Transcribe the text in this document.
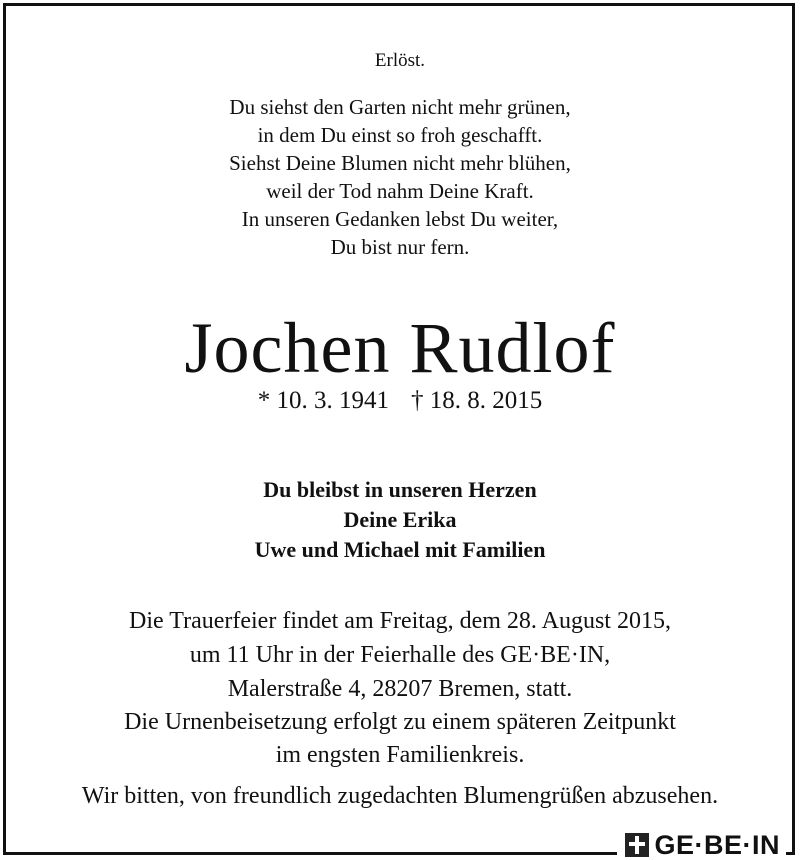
Erlöst.
Du siehst den Garten nicht mehr grünen,
in dem Du einst so froh geschafft.
Siehst Deine Blumen nicht mehr blühen,
weil der Tod nahm Deine Kraft.
In unseren Gedanken lebst Du weiter,
Du bist nur fern.
Jochen Rudlof
* 10. 3. 1941 † 18. 8. 2015
Du bleibst in unseren Herzen
Deine Erika
Uwe und Michael mit Familien
Die Trauerfeier findet am Freitag, dem 28. August 2015,
um 11 Uhr in der Feierhalle des GE·BE·IN,
Malerstraße 4, 28207 Bremen, statt.
Die Urnenbeisetzung erfolgt zu einem späteren Zeitpunkt
im engsten Familienkreis.
Wir bitten, von freundlich zugedachten Blumengrüßen abzusehen.
GE·BE·IN
